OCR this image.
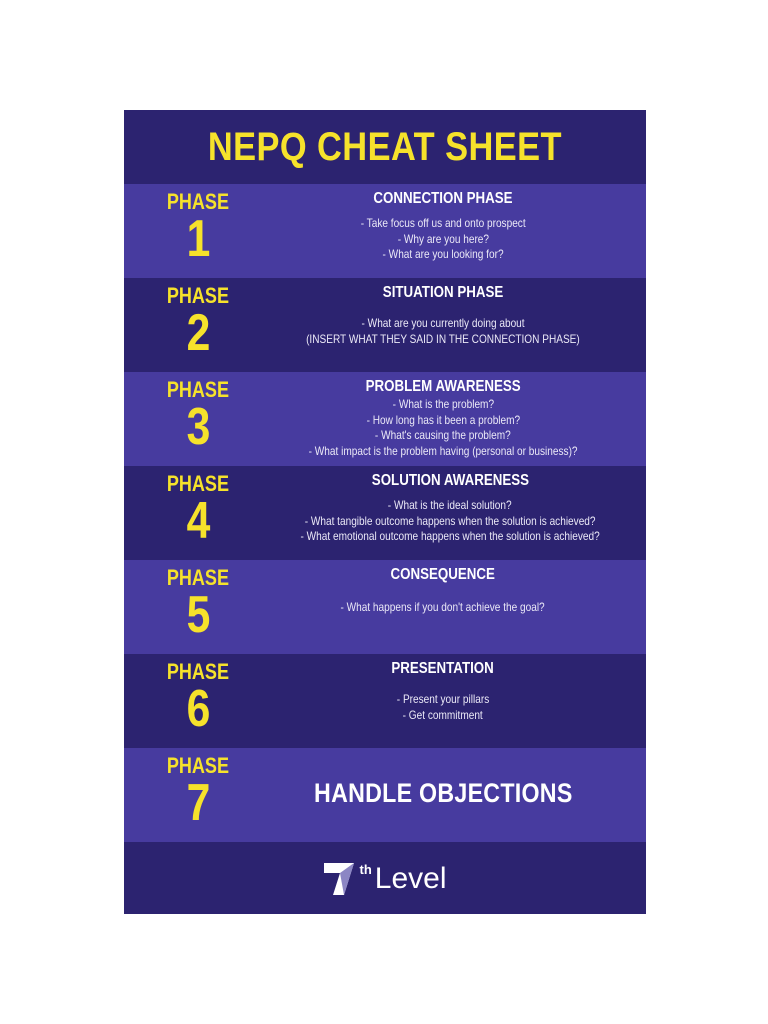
NEPQ CHEAT SHEET
PHASE
1
CONNECTION PHASE
- Take focus off us and onto prospect
- Why are you here?
- What are you looking for?
PHASE
2
SITUATION PHASE
- What are you currently doing about
(INSERT WHAT THEY SAID IN THE CONNECTION PHASE)
PHASE
3
PROBLEM AWARENESS
- What is the problem?
- How long has it been a problem?
- What's causing the problem?
- What impact is the problem having (personal or business)?
PHASE
4
SOLUTION AWARENESS
- What is the ideal solution?
- What tangible outcome happens when the solution is achieved?
- What emotional outcome happens when the solution is achieved?
PHASE
5
CONSEQUENCE
- What happens if you don't achieve the goal?
PHASE
6
PRESENTATION
- Present your pillars
- Get commitment
PHASE
7	HANDLE OBJECTIONS
th Level
